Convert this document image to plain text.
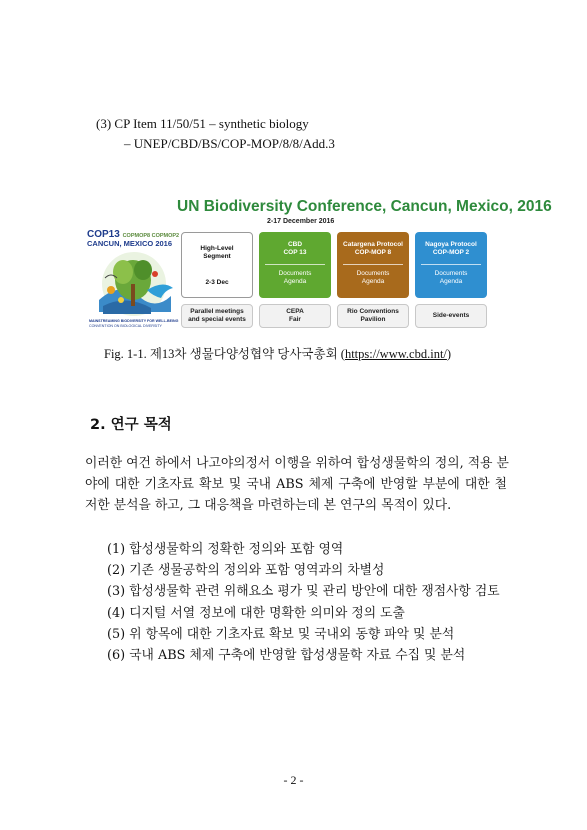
(3) CP Item 11/50/51 – synthetic biology
– UNEP/CBD/BS/COP-MOP/8/8/Add.3
UN Biodiversity Conference, Cancun, Mexico, 2016
2-17 December 2016
COP13 COPMOP8 COPMOP2
CANCUN, MEXICO 2016
MAINSTREAMING BIODIVERSITY FOR WELL-BEING
CONVENTION ON BIOLOGICAL DIVERSITY
High-Level
Segment
2-3 Dec
CBD
COP 13
Documents
Agenda
Catargena Protocol
COP-MOP 8
Documents
Agenda
Nagoya Protocol
COP-MOP 2
Documents
Agenda
Parallel meetings
and special events
CEPA
Fair
Rio Conventions
Pavilion
Side-events
Fig. 1-1. 제13차 생물다양성협약 당사국총회 (https://www.cbd.int/)
2. 연구 목적
이러한 여건 하에서 나고야의정서 이행을 위하여 합성생물학의 정의, 적용 분
야에 대한 기초자료 확보 및 국내 ABS 체제 구축에 반영할 부분에 대한 철
저한 분석을 하고, 그 대응책을 마련하는데 본 연구의 목적이 있다.
(1) 합성생물학의 정확한 정의와 포함 영역
(2) 기존 생물공학의 정의와 포함 영역과의 차별성
(3) 합성생물학 관련 위해요소 평가 및 관리 방안에 대한 쟁점사항 검토
(4) 디지털 서열 정보에 대한 명확한 의미와 정의 도출
(5) 위 항목에 대한 기초자료 확보 및 국내외 동향 파악 및 분석
(6) 국내 ABS 체제 구축에 반영할 합성생물학 자료 수집 및 분석
- 2 -
